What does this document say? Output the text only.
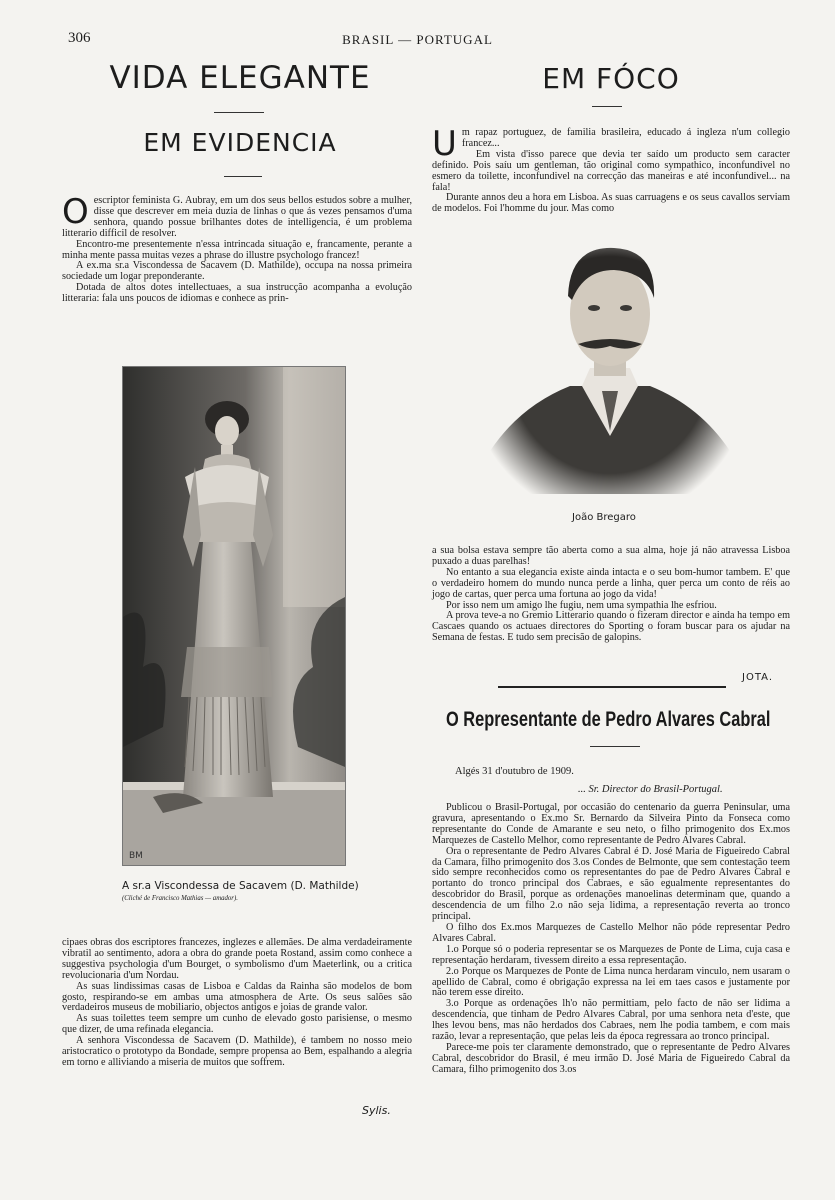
306	BRASIL — PORTUGAL
VIDA ELEGANTE
EM EVIDENCIA

Oescriptor feminista G. Aubray, em um dos seus bellos estudos sobre a mulher, disse que descrever em meia duzia de linhas o que ás vezes pensamos d'uma senhora, quando possue brilhantes dotes de intelligencia, é um problema litterario difficil de resolver.

Encontro-me presentemente n'essa intrincada situação e, francamente, perante a minha mente passa muitas vezes a phrase do illustre psychologo francez!

A ex.ma sr.a Viscondessa de Sacavem (D. Mathilde), occupa na nossa primeira sociedade um logar preponderante.

Dotada de altos dotes intellectuaes, a sua instrucção acompanha a evolução litteraria: fala uns poucos de idiomas e conhece as prin-

BM
A sr.a Viscondessa de Sacavem (D. Mathilde)
(Cliché de Francisco Mathias — amador).

cipaes obras dos escriptores francezes, inglezes e allemães. De alma verdadeiramente vibratil ao sentimento, adora a obra do grande poeta Rostand, assim como conhece a suggestiva psychologia d'um Bourget, o symbolismo d'um Maeterlink, ou a critica revolucionaria d'um Nordau.

As suas lindissimas casas de Lisboa e Caldas da Rainha são modelos de bom gosto, respirando-se em ambas uma atmosphera de Arte. Os seus salões são verdadeiros museus de mobiliario, objectos antigos e joias de grande valor.

As suas toilettes teem sempre um cunho de elevado gosto parisiense, o mesmo que dizer, de uma refinada elegancia.

A senhora Viscondessa de Sacavem (D. Mathilde), é tambem no nosso meio aristocratico o prototypo da Bondade, sempre propensa ao Bem, espalhando a alegria em torno e alliviando a miseria de muitos que soffrem.

Sylis.
EM FÓCO

Um rapaz portuguez, de familia brasileira, educado á ingleza n'um collegio francez...

Em vista d'isso parece que devia ter saído um producto sem caracter definido. Pois saíu um gentleman, tão original como sympathico, inconfundivel no esmero da toilette, inconfundivel na correcção das maneiras e até inconfundivel... na fala!

Durante annos deu a hora em Lisboa. As suas carruagens e os seus cavallos serviam de modelos. Foi l'homme du jour. Mas como

João Bregaro

a sua bolsa estava sempre tão aberta como a sua alma, hoje já não atravessa Lisboa puxado a duas parelhas!

No entanto a sua elegancia existe ainda intacta e o seu bom-humor tambem. E' que o verdadeiro homem do mundo nunca perde a linha, quer perca um conto de réis ao jogo de cartas, quer perca uma fortuna ao jogo da vida!

Por isso nem um amigo lhe fugiu, nem uma sympathia lhe esfriou.

A prova teve-a no Gremio Litterario quando o fizeram director e ainda ha tempo em Cascaes quando os actuaes directores do Sporting o foram buscar para os ajudar na Semana de festas. E tudo sem precisão de galopins.

JOTA.
O Representante de Pedro Alvares Cabral
Algés 31 d'outubro de 1909.
... Sr. Director do Brasil-Portugal.

Publicou o Brasil-Portugal, por occasião do centenario da guerra Peninsular, uma gravura, apresentando o Ex.mo Sr. Bernardo da Silveira Pinto da Fonseca como representante do Conde de Amarante e seu neto, o filho primogenito dos Ex.mos Marquezes de Castello Melhor, como representante de Pedro Alvares Cabral.

Ora o representante de Pedro Alvares Cabral é D. José Maria de Figueiredo Cabral da Camara, filho primogenito dos 3.os Condes de Belmonte, que sem contestação teem sido sempre reconhecidos como os representantes do pae de Pedro Alvares Cabral e portanto do tronco principal dos Cabraes, e são egualmente representantes do descobridor do Brasil, porque as ordenações manoelinas determinam que, quando a descendencia de um filho 2.o não seja lidima, a representação reverta ao tronco principal.

O filho dos Ex.mos Marquezes de Castello Melhor não póde representar Pedro Alvares Cabral.

1.o Porque só o poderia representar se os Marquezes de Ponte de Lima, cuja casa e representação herdaram, tivessem direito a essa representação.

2.o Porque os Marquezes de Ponte de Lima nunca herdaram vinculo, nem usaram o apellido de Cabral, como é obrigação expressa na lei em taes casos e justamente por não terem esse direito.

3.o Porque as ordenações lh'o não permittiam, pelo facto de não ser lidima a descendencia, que tinham de Pedro Alvares Cabral, por uma senhora neta d'este, que lhes levou bens, mas não herdados dos Cabraes, nem lhe podia tambem, e com mais razão, levar a representação, que pelas leis da época regressara ao tronco principal.

Parece-me pois ter claramente demonstrado, que o representante de Pedro Alvares Cabral, descobridor do Brasil, é meu irmão D. José Maria de Figueiredo Cabral da Camara, filho primogenito dos 3.os
